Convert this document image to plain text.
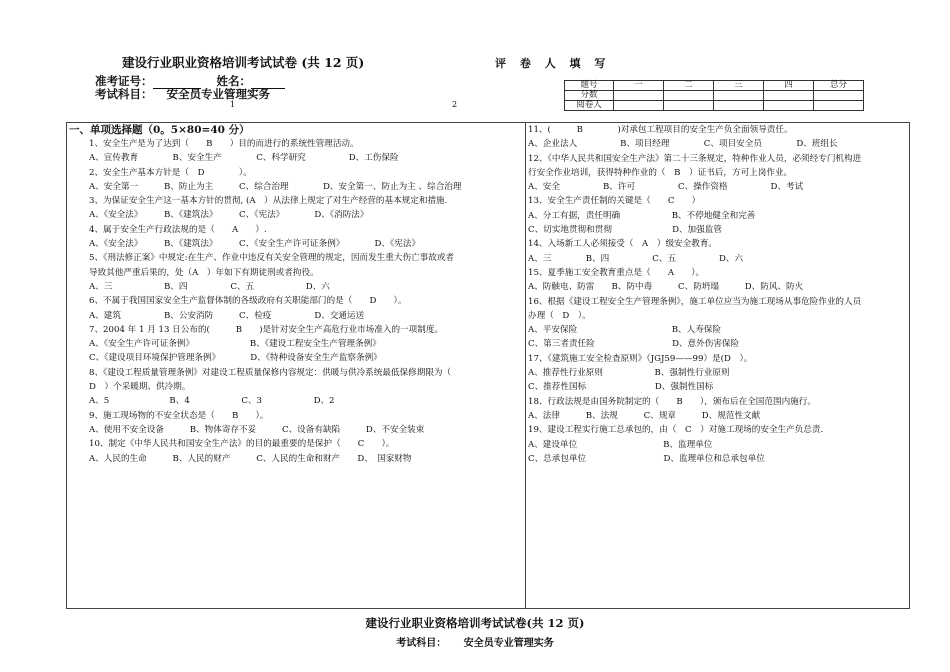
建设行业职业资格培训考试试卷 (共 12 页)	评 卷 人 填 写
准考证号：	姓名：
考试科目： 安全员专业管理实务
1	2
题号	一	二	三	四	总分
分数					
阅卷人					
一、单项选择题（0。5×80=40 分）
1、安全生产是为了达到（　　B　　）目的而进行的系统性管理活动。
A、宣传教育　　　　B、安全生产　　　　C、科学研究　　　　　D、工伤保险
2、安全生产基本方针是（　D　　　　）。
A、安全第一　　　B、防止为主　　　C、综合治理　　　　D、安全第一、防止为主 、综合治理
3、为保证安全生产这一基本方针的贯彻, (A　）从法律上规定了对生产经营的基本规定和措施.
A、《安全法》　　　B、《建筑法》　　　C、《宪法》　　　　D、《消防法》
4、属于安全生产行政法规的是（　　A　　）.
A、《安全法》　　　B、《建筑法》　　　C、《安全生产许可证条例》　　　　D、《宪法》
5、《刑法修正案》中规定:在生产、作业中违反有关安全管理的规定，因而发生重大伤亡事故或者
导致其他严重后果的，处（A　）年如下有期徒刑或者拘役。
A、三　　　　　　B、四　　　　　C、五　　　　　　D、六
6、不属于我国国家安全生产监督体制的各级政府有关职能部门的是（　　D　　）。
A、建筑　　　　　B、公安消防　　　C、检疫　　　　　D、交通运送
7、2004 年 1 月 13 日公布的(　　　B　　)是针对安全生产高危行业市场准入的一项制度。
A、《安全生产许可证条例》　　　　　　　B、《建设工程安全生产管理条例》
C、《建设项目环境保护管理条例》　　　　D、《特种设备安全生产监察条例》
8、《建设工程质量管理条例》对建设工程质量保修内容规定：供暖与供冷系统最低保修期限为（
D　）个采暖期、供冷期。
A、5　　　　　　　B、4　　　　　　C、3　　　　　　D、2
9、施工现场物的不安全状态是（　　B　　）。
A、使用不安全设备　　　B、物体寄存不妥　　　C、设备有缺陷　　　D、不安全装束
10、制定《中华人民共和国安全生产法》的目的最重要的是保护（　　C　　）。
A、人民的生命　　　B、人民的财产　　　C、人民的生命和财产　　D、　国家财物
11、(　　　B　　　　)对承包工程项目的安全生产负全面领导责任。
A、企业法人　　　　　B、项目经理　　　　C、项目安全员　　　　D、班组长
12、《中华人民共和国安全生产法》第二十三条规定，特种作业人员，必须经专门机构进
行安全作业培训，获得特种作业的（　B　）证书后，方可上岗作业。
A、安全　　　　　B、许可　　　　　C、操作资格　　　　　D、考试
13、安全生产责任制的关键是（　　C　　）
A、分工有据，责任明确　　　　　　B、不停地健全和完善
C、切实地贯彻和贯彻　　　　　　　D、加强监管
14、入场新工人必须接受（　A　）级安全教育。
A、三　　　　B、四　　　　　C、五　　　　　D、六
15、夏季施工安全教育重点是（　　A　　）。
A、防触电、防雷　　B、防中毒　　　C、防坍塌　　　D、防风、防火
16、根据《建设工程安全生产管理条例》，施工单位应当为施工现场从事危险作业的人员
办理（　D　）。
A、平安保险　　　　　　　　　　　B、人寿保险
C、第三者责任险　　　　　　　　　D、意外伤害保险
17、《建筑施工安全检查原则》（JGJ59——99）是(D　）。
A、推荐性行业原则　　　　　　B、强制性行业原则
C、推荐性国标　　　　　　　　D、强制性国标
18、行政法规是由国务院制定的（　　B　　），颁布后在全国范围内施行。
A、法律　　　B、法规　　　C、规章　　　D、规范性文献
19、建设工程实行施工总承包的，由（　C　）对施工现场的安全生产负总责.
A、建设单位　　　　　　　　　　B、监理单位
C、总承包单位　　　　　　　　　D、监理单位和总承包单位
建设行业职业资格培训考试试卷(共 12 页)
考试科目： 安全员专业管理实务
